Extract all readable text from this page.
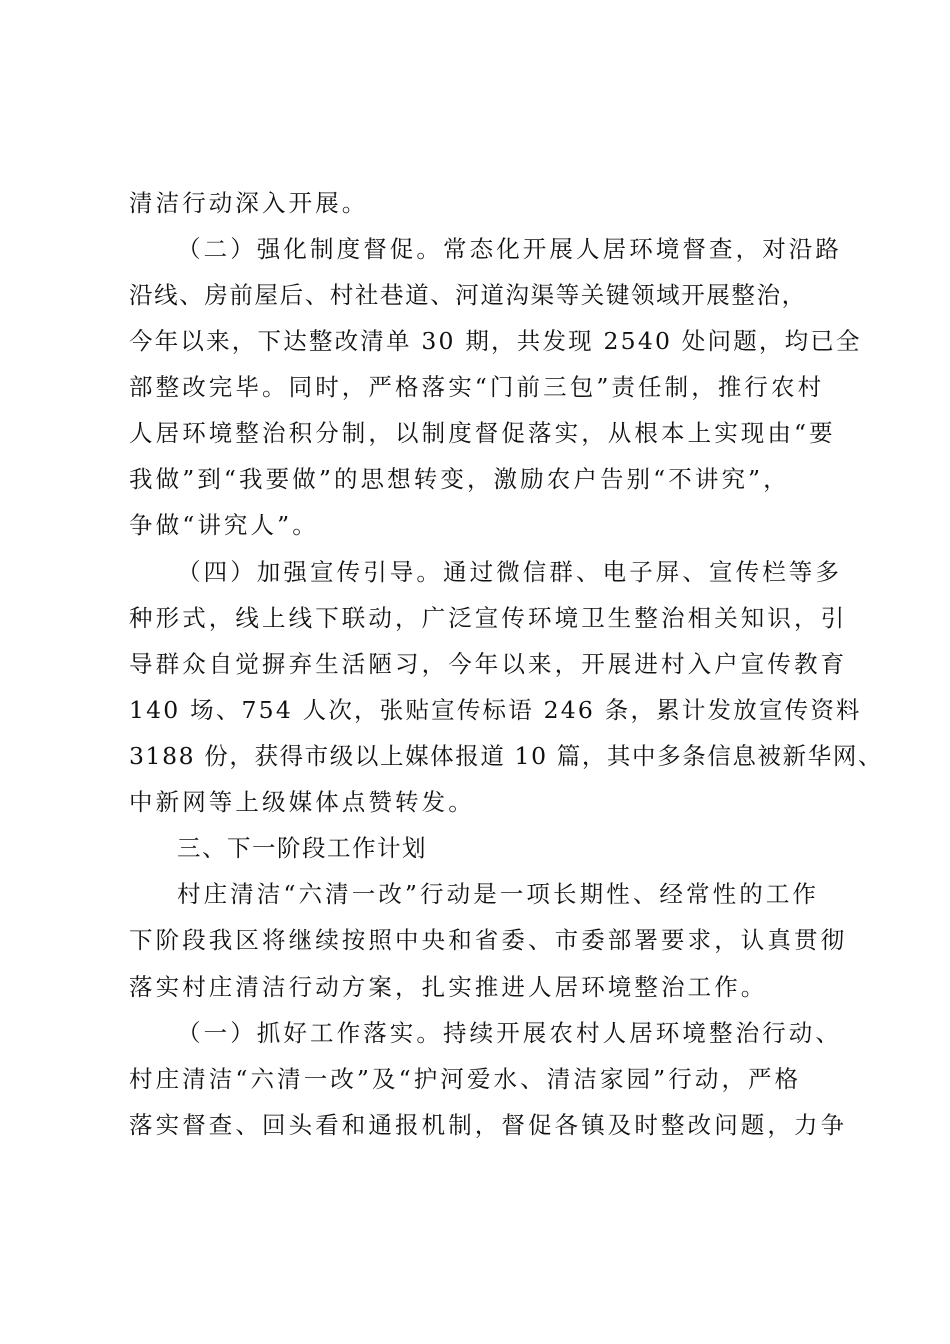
清洁行动深入开展。
（二）强化制度督促。常态化开展人居环境督查，对沿路
沿线、房前屋后、村社巷道、河道沟渠等关键领域开展整治，
今年以来，下达整改清单 30 期，共发现 2540 处问题，均已全
部整改完毕。同时，严格落实“门前三包”责任制，推行农村
人居环境整治积分制，以制度督促落实，从根本上实现由“要
我做”到“我要做”的思想转变，激励农户告别“不讲究”，
争做“讲究人”。
（四）加强宣传引导。通过微信群、电子屏、宣传栏等多
种形式，线上线下联动，广泛宣传环境卫生整治相关知识，引
导群众自觉摒弃生活陋习，今年以来，开展进村入户宣传教育
140 场、754 人次，张贴宣传标语 246 条，累计发放宣传资料
3188 份，获得市级以上媒体报道 10 篇，其中多条信息被新华网、
中新网等上级媒体点赞转发。
三、下一阶段工作计划
村庄清洁“六清一改”行动是一项长期性、经常性的工作
下阶段我区将继续按照中央和省委、市委部署要求，认真贯彻
落实村庄清洁行动方案，扎实推进人居环境整治工作。
（一）抓好工作落实。持续开展农村人居环境整治行动、
村庄清洁“六清一改”及“护河爱水、清洁家园”行动，严格
落实督查、回头看和通报机制，督促各镇及时整改问题，力争
